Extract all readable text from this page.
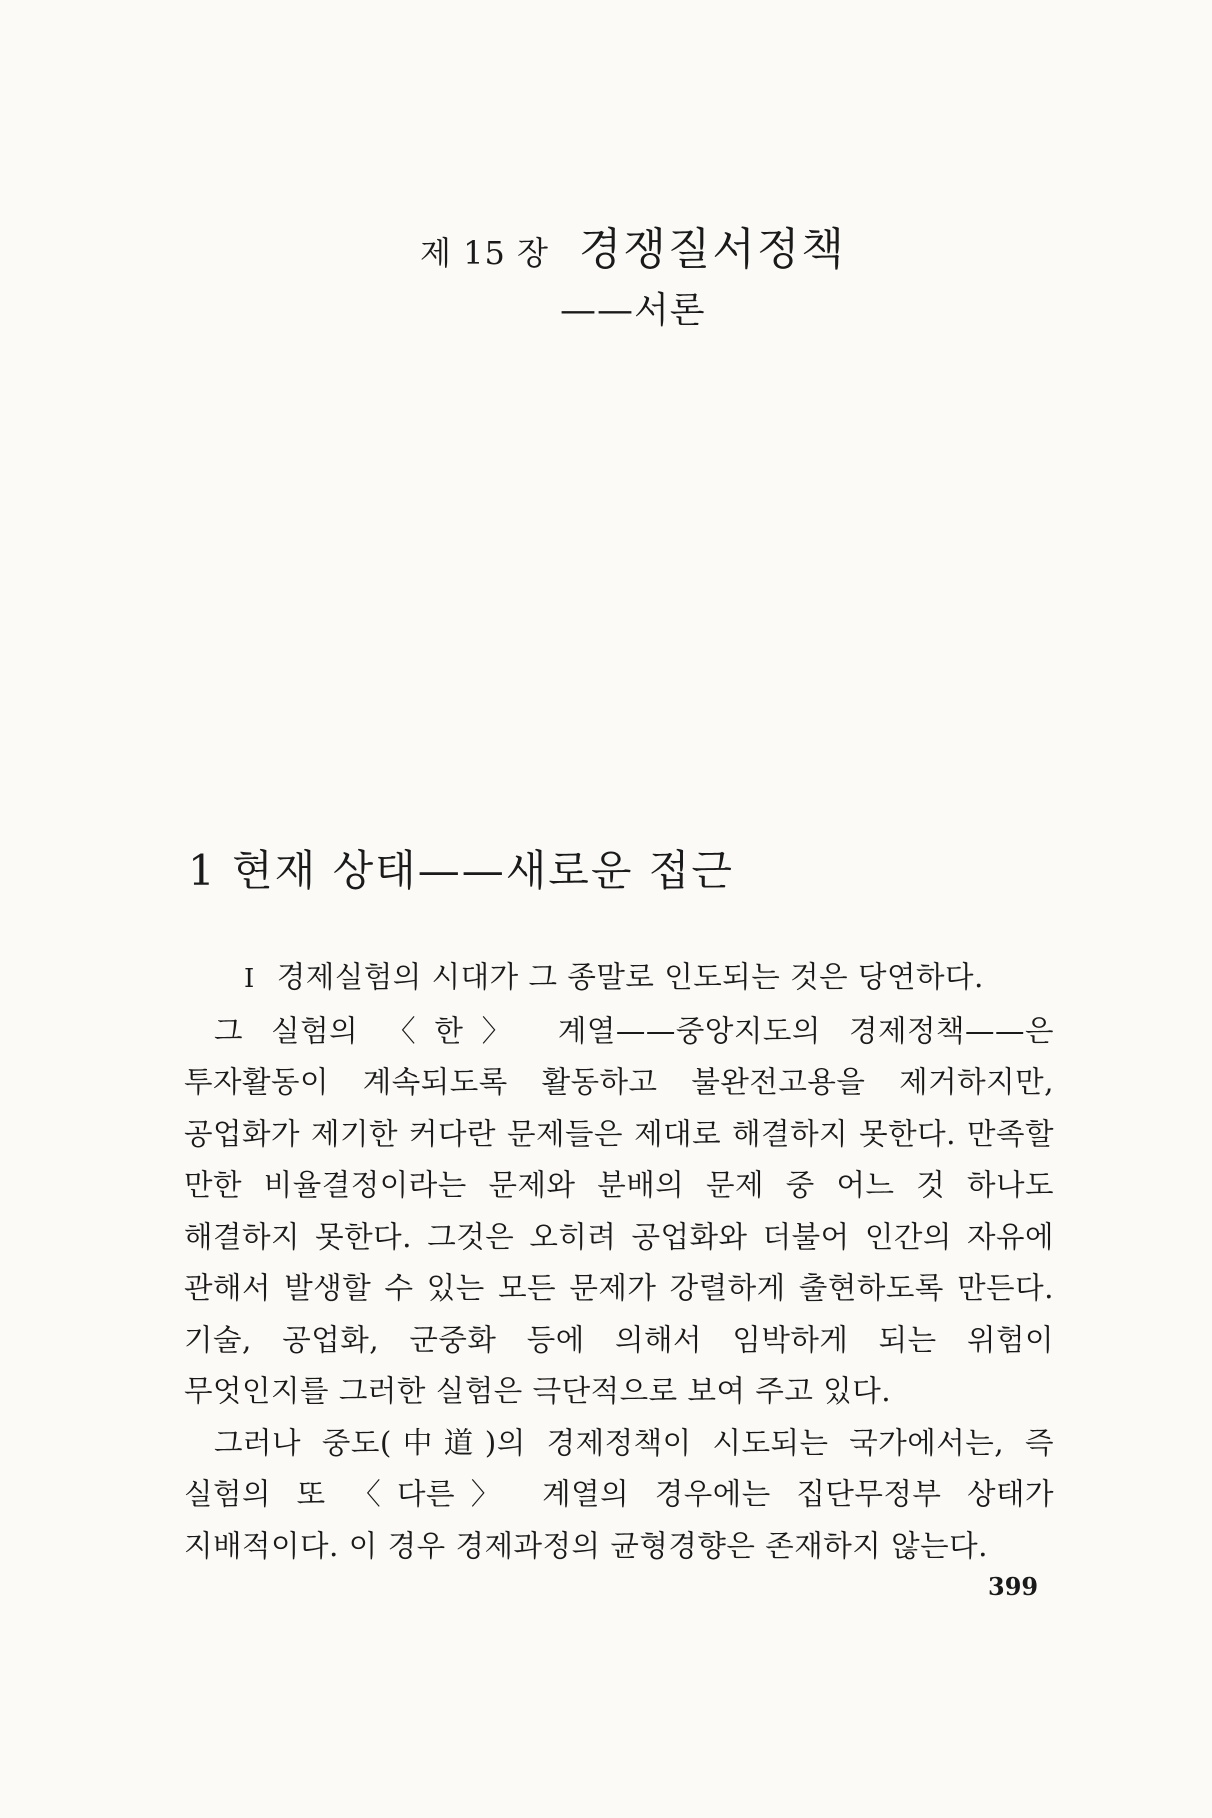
제 15 장 경쟁질서정책
——서론
1 현재 상태——새로운 접근

I 경제실험의 시대가 그 종말로 인도되는 것은 당연하다.

그 실험의 〈한〉 계열——중앙지도의 경제정책——은 투자활동이 계속되도록 활동하고 불완전고용을 제거하지만, 공업화가 제기한 커다란 문제들은 제대로 해결하지 못한다. 만족할 만한 비율결정이라는 문제와 분배의 문제 중 어느 것 하나도 해결하지 못한다. 그것은 오히려 공업화와 더불어 인간의 자유에 관해서 발생할 수 있는 모든 문제가 강렬하게 출현하도록 만든다. 기술, 공업화, 군중화 등에 의해서 임박하게 되는 위험이 무엇인지를 그러한 실험은 극단적으로 보여 주고 있다.

그러나 중도(中道)의 경제정책이 시도되는 국가에서는, 즉 실험의 또 〈다른〉 계열의 경우에는 집단무정부 상태가 지배적이다. 이 경우 경제과정의 균형경향은 존재하지 않는다.

399
